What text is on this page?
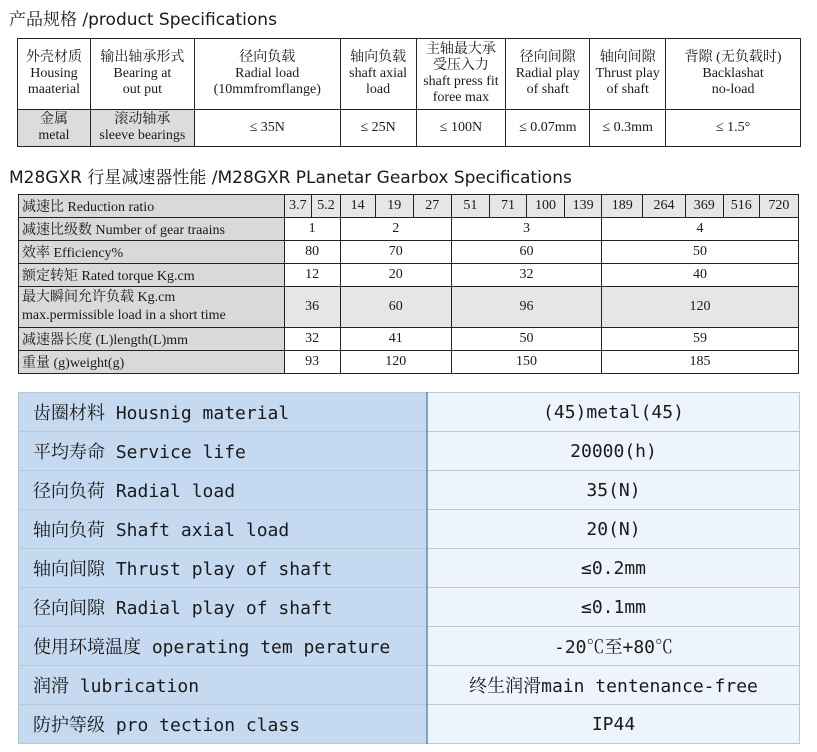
产品规格 /product Specifications
外壳材质
Housing
maaterial	输出轴承形式
Bearing at
out put	径向负载
Radial load
(10mmfromflange)	轴向负载
shaft axial
load	主轴最大承
受压入力
shaft press fit
foree max	径向间隙
Radial play
of shaft	轴向间隙
Thrust play
of shaft	背隙 (无负载时)
Backlashat
no-load
金属
metal	滚动轴承
sleeve bearings	≤ 35N	≤ 25N	≤ 100N	≤ 0.07mm	≤ 0.3mm	≤ 1.5°
M28GXR 行星减速器性能 /M28GXR PLanetar Gearbox Specifications
减速比 Reduction ratio	3.7	5.2	14	19	27	51	71	100	139	189	264	369	516	720
减速比级数 Number of gear traains	1		2			3				4				
效率 Efficiency%	80		70			60				50				
额定转矩 Rated torque Kg.cm	12		20			32				40				
最大瞬间允许负载 Kg.cm
max.permissible load in a short time	36		60			96				120				
减速器长度 (L)length(L)mm	32		41			50				59				
重量 (g)weight(g)	93		120			150				185				
齿圈材料 Housnig material	(45)metal(45)
平均寿命 Service life	20000(h)
径向负荷 Radial load	35(N)
轴向负荷 Shaft axial load	20(N)
轴向间隙 Thrust play of shaft	≤0.2mm
径向间隙 Radial play of shaft	≤0.1mm
使用环境温度 operating tem perature	-20℃至+80℃
润滑 lubrication	终生润滑main tentenance-free
防护等级 pro tection class	IP44
